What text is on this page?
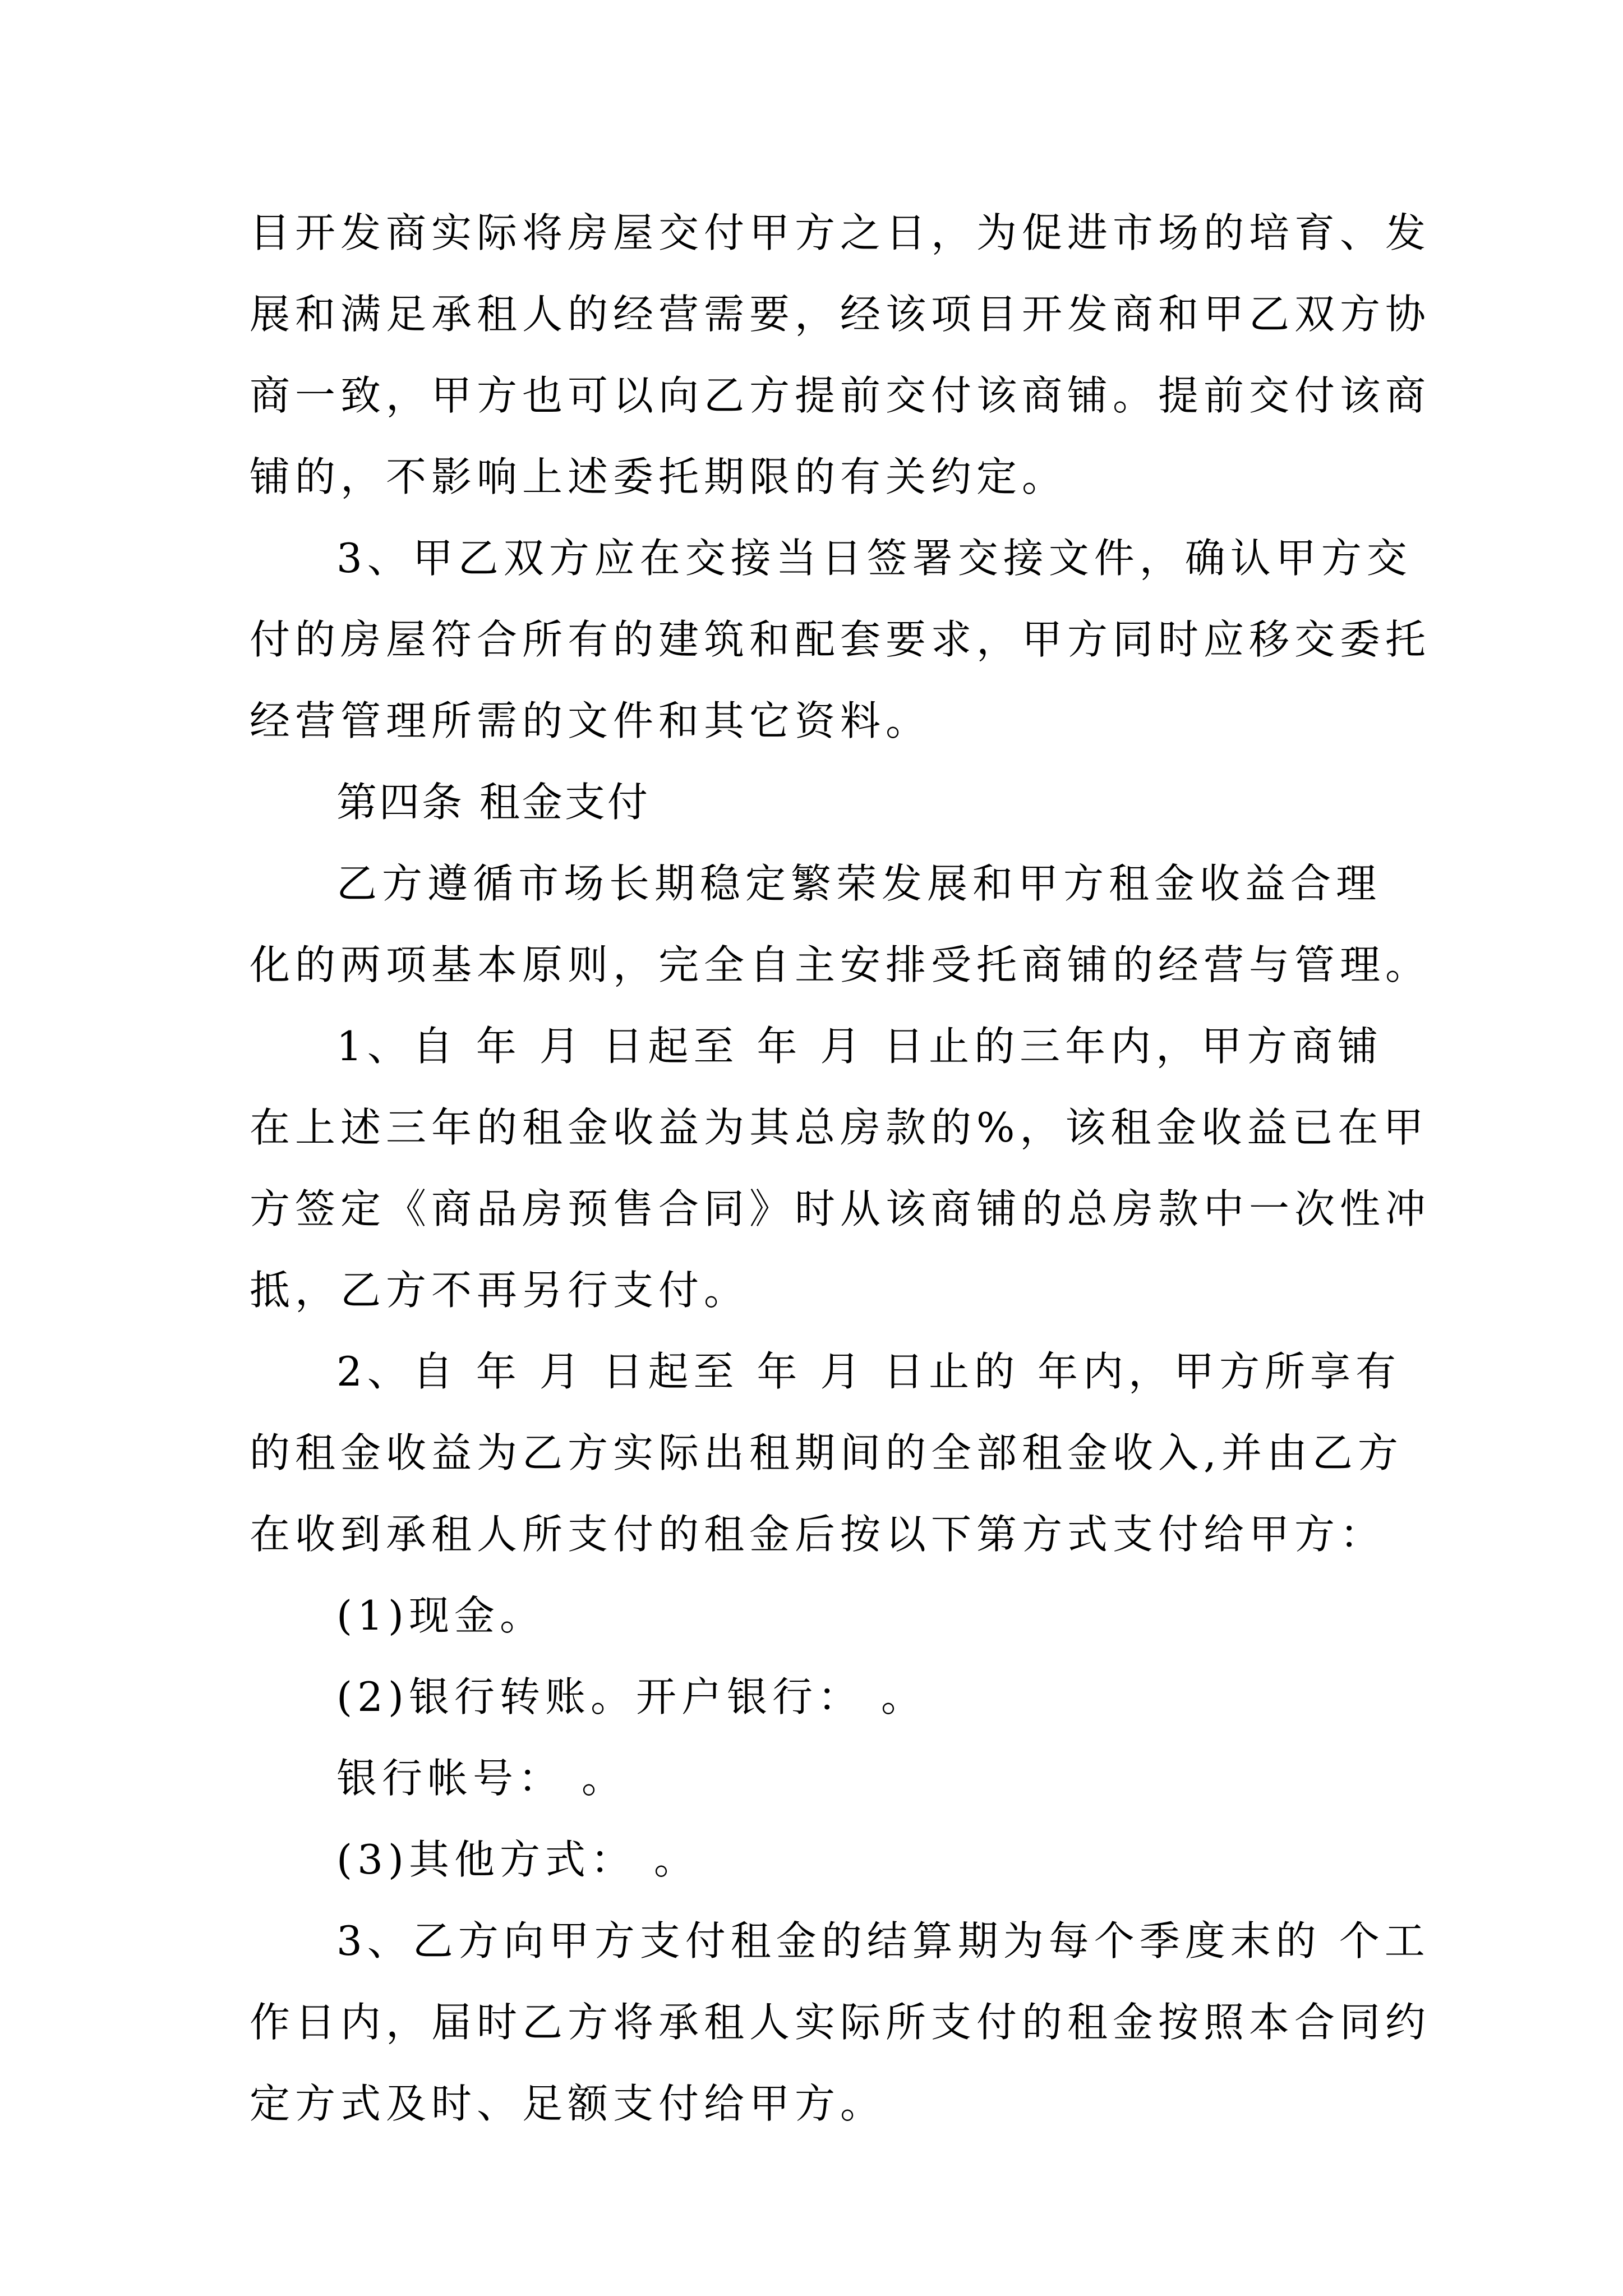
目开发商实际将房屋交付甲方之日，为促进市场的培育、发
展和满足承租人的经营需要，经该项目开发商和甲乙双方协
商一致，甲方也可以向乙方提前交付该商铺。提前交付该商
铺的，不影响上述委托期限的有关约定。
3、甲乙双方应在交接当日签署交接文件，确认甲方交
付的房屋符合所有的建筑和配套要求，甲方同时应移交委托
经营管理所需的文件和其它资料。
第四条 租金支付
乙方遵循市场长期稳定繁荣发展和甲方租金收益合理
化的两项基本原则，完全自主安排受托商铺的经营与管理。
1、自 年 月 日起至 年 月 日止的三年内，甲方商铺
在上述三年的租金收益为其总房款的%，该租金收益已在甲
方签定《商品房预售合同》时从该商铺的总房款中一次性冲
抵，乙方不再另行支付。
2、自 年 月 日起至 年 月 日止的 年内，甲方所享有
的租金收益为乙方实际出租期间的全部租金收入,并由乙方
在收到承租人所支付的租金后按以下第方式支付给甲方：
(1)现金。
(2)银行转账。开户银行： 。
银行帐号： 。
(3)其他方式： 。
3、乙方向甲方支付租金的结算期为每个季度末的 个工
作日内，届时乙方将承租人实际所支付的租金按照本合同约
定方式及时、足额支付给甲方。
